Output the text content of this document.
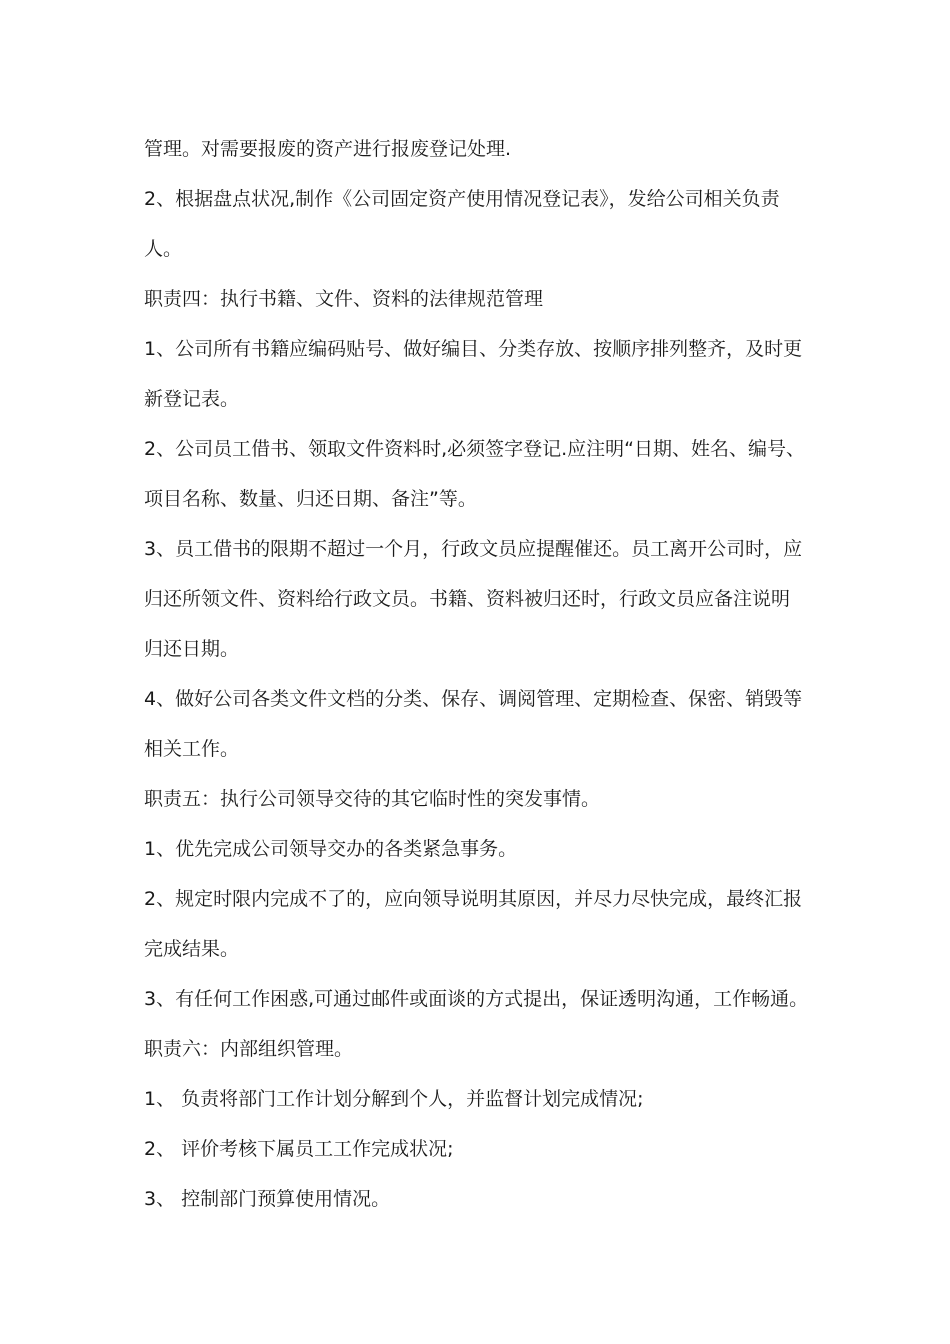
管理。对需要报废的资产进行报废登记处理.
2、根据盘点状况,制作《公司固定资产使用情况登记表》，发给公司相关负责
人。
职责四：执行书籍、文件、资料的法律规范管理
1、公司所有书籍应编码贴号、做好编目、分类存放、按顺序排列整齐，及时更
新登记表。
2、公司员工借书、领取文件资料时,必须签字登记.应注明“日期、姓名、编号、
项目名称、数量、归还日期、备注”等。
3、员工借书的限期不超过一个月，行政文员应提醒催还。员工离开公司时，应
归还所领文件、资料给行政文员。书籍、资料被归还时，行政文员应备注说明
归还日期。
4、做好公司各类文件文档的分类、保存、调阅管理、定期检查、保密、销毁等
相关工作。
职责五：执行公司领导交待的其它临时性的突发事情。
1、优先完成公司领导交办的各类紧急事务。
2、规定时限内完成不了的，应向领导说明其原因，并尽力尽快完成，最终汇报
完成结果。
3、有任何工作困惑,可通过邮件或面谈的方式提出，保证透明沟通，工作畅通。
职责六：内部组织管理。
1、 负责将部门工作计划分解到个人，并监督计划完成情况;
2、 评价考核下属员工工作完成状况;
3、 控制部门预算使用情况。
